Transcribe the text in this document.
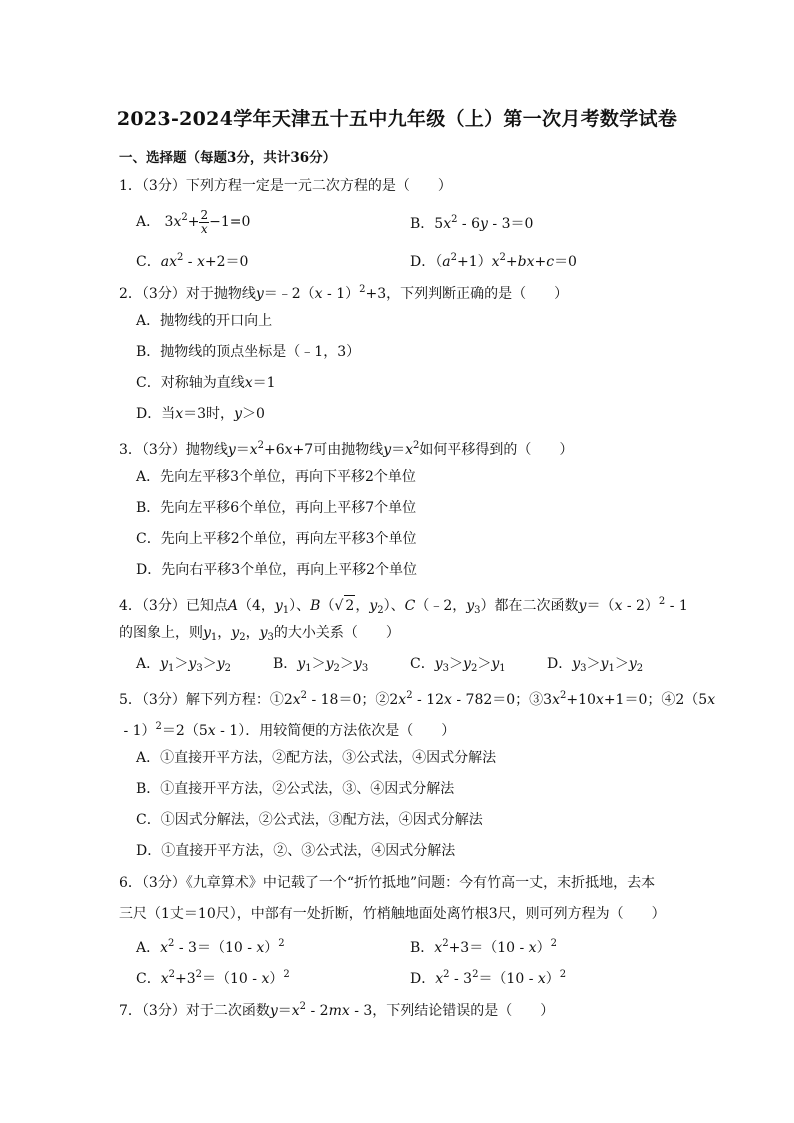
2023-2024学年天津五十五中九年级（上）第一次月考数学试卷
一、选择题（每题3分，共计36分）
1．（3分）下列方程一定是一元二次方程的是（　　）
A． $3x^2+ \frac{2}{x} -1=0$	B．$5x^2 - 6y - 3=0$
C．$ax^2 - x+2=0$	D．$(a^2+1)x^2+bx+c=0$
2．（3分）对于抛物线y＝﹣2（x - 1）$^2$+3，下列判断正确的是（　　）
A．抛物线的开口向上
B．抛物线的顶点坐标是（﹣1，3）
C．对称轴为直线x＝1
D．当x＝3时，y＞0
3．（3分）抛物线$y=x^2+6x+7$可由抛物线$y=x^2$如何平移得到的（　　）
A．先向左平移3个单位，再向下平移2个单位
B．先向左平移6个单位，再向上平移7个单位
C．先向上平移2个单位，再向左平移3个单位
D．先向右平移3个单位，再向上平移2个单位
4．（3分）已知点A（4，$y_1$）、B（√ 2，$y_2$）、C（﹣2，$y_3$）都在二次函数y＝（x - 2）$^2$ - 1
的图象上，则$y_1$，$y_2$，$y_3$的大小关系（　　）
A．$y_1>y_3>y_2$	B．$y_1>y_2>y_3$	C．$y_3>y_2>y_1$	D．$y_3>y_1>y_2$
5．（3分）解下列方程：$①2x^2 - 18=0$；$②2x^2 - 12x - 782=0$；$③3x^2+10x+1=0$；④2（5x
- 1）$^2$＝2（5x - 1）．用较简便的方法依次是（　　）
A．①直接开平方法，②配方法，③公式法，④因式分解法
B．①直接开平方法，②公式法，③、④因式分解法
C．①因式分解法，②公式法，③配方法，④因式分解法
D．①直接开平方法，②、③公式法，④因式分解法
6．（3分）《九章算术》中记载了一个“折竹抵地”问题：今有竹高一丈，末折抵地，去本
三尺（1丈＝10尺），中部有一处折断，竹梢触地面处离竹根3尺，则可列方程为（　　）
A．$x^2 - 3=(10 - x)^2$	B．$x^2+3=(10 - x)^2$
C．$x^2+3^2=(10 - x)^2$	D．$x^2 - 3^2=(10 - x)^2$
7．（3分）对于二次函数$y=x^2 - 2mx - 3$，下列结论错误的是（　　）
